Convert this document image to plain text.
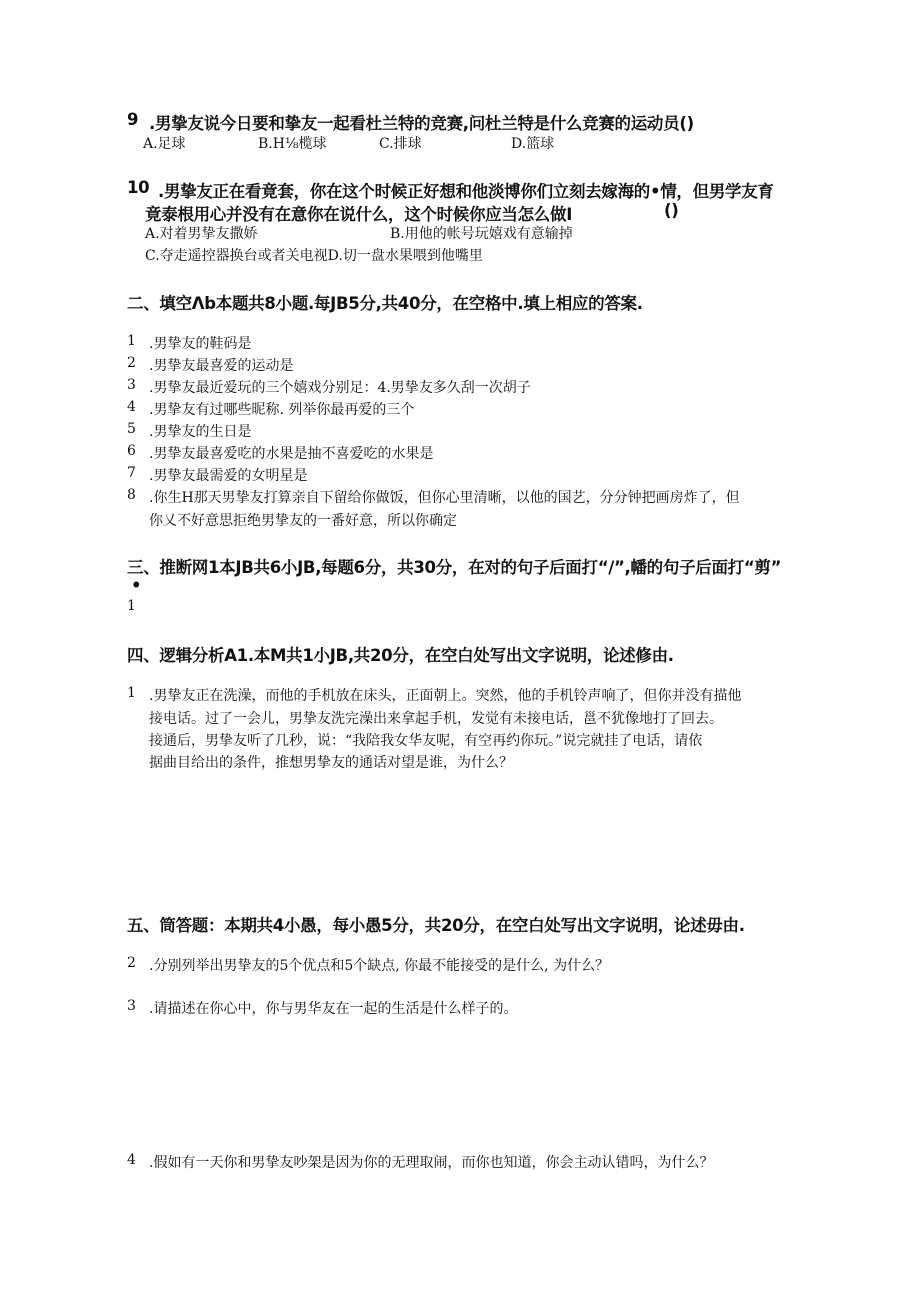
9 .男挚友说今日要和挚友一起看杜兰特的竞赛,问杜兰特是什么竞赛的运动员()
A.足球	B.H⅛榄球	C.排球	D.篮球
10 .男挚友正在看竟套，你在这个时候正好想和他淡博你们立刻去嫁海的•情，但男学友育
竟泰根用心并没有在意你在说什么，这个时候你应当怎么做I	()
A.对着男挚友撒娇	B.用他的帐号玩嬉戏有意输掉
C.夺走遥控器换台或者关电视D.切一盘水果喂到他嘴里
二、填空Λb本题共8小题.每JB5分,共40分，在空格中.填上相应的答案.
1 .男挚友的鞋码是
2 .男挚友最喜爱的运动是
3 .男挚友最近爱玩的三个嬉戏分别足：4.男挚友多久刮一次胡子
4 .男挚友有过哪些昵称. 列举你最再爱的三个
5 .男挚友的生日是
6 .男挚友最喜爱吃的水果是抽不喜爱吃的水果是
7 .男挚友最需爱的女明星是
8 .你生H那天男挚友打算亲自下留给你做饭，但你心里清晰，以他的国艺，分分钟把画房炸了，但
你乂不好意思拒绝男挚友的一番好意，所以你确定
三、推断网1本JB共6小JB,每题6分，共30分，在对的句子后面打“/”,幡的句子后面打“剪”
•
1
四、逻辑分析A1.本M共1小JB,共20分，在空白处写出文字说明，论述修由.
1 .男挚友正在洗澡，而他的手机放在床头，正面朝上。突然，他的手机铃声响了，但你并没有描他
接电话。过了一会儿，男挚友洗完澡出来拿起手机，发觉有未接电话，邕不犹像地打了回去。
接通后，男挚友听了几秒，说：“我陪我女华友呢，有空再约你玩。”说完就挂了电话，请依
据曲目给出的条件，推想男挚友的通话对望是谁，为什么？
五、筒答题：本期共4小愚，每小愚5分，共20分，在空白处写出文字说明，论述毋由.
2 .分别列举出男挚友的5个优点和5个缺点, 你最不能接受的是什么, 为什么？
3 .请描述在你心中，你与男华友在一起的生活是什么样子的。
4 .假如有一天你和男挚友吵架是因为你的无理取闹，而你也知道，你会主动认错吗，为什么？
